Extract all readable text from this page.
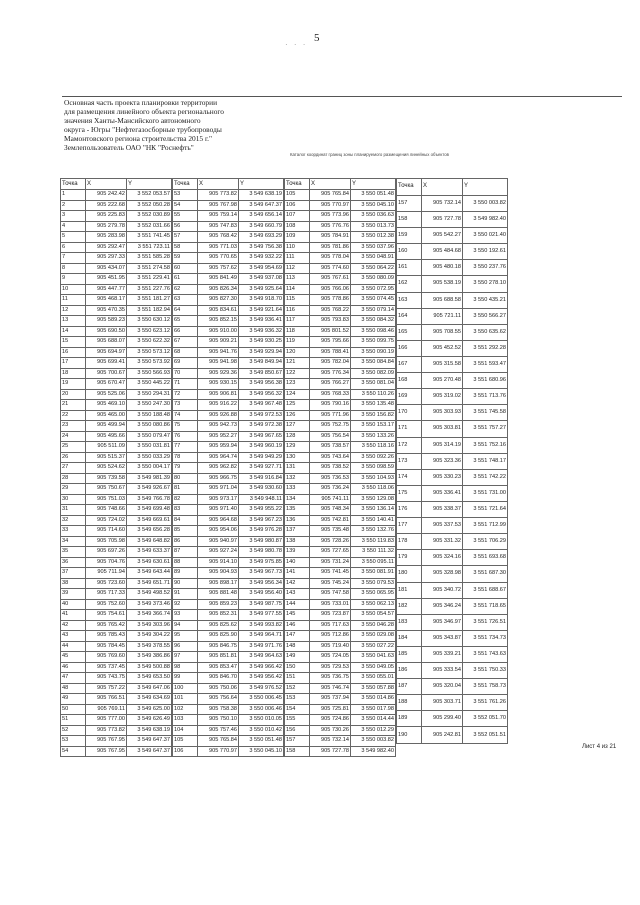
· · ·
5
Основная часть проекта планировки территории
для размещения линейного объекта регионального
значения Ханты-Мансийского автономного
округа - Югры "Нефтегазосборные трубопроводы
Мамонтовского региона строительства 2015 г."
Землепользователь ОАО "НК "Роснефть"
Каталог координат границ зоны планируемого размещения линейных объектов
Точка	X	Y
1	905 242.42	3 552 053.57
2	905 222.68	3 552 050.28
3	905 225.83	3 552 030.89
4	905 279.78	3 552 031.66
5	905 283.98	3 551 741.45
6	905 292.47	3 551 723.11
7	905 297.33	3 551 585.28
8	905 434.07	3 551 274.58
9	905 451.95	3 551 229.41
10	905 447.77	3 551 227.76
11	905 468.17	3 551 181.27
12	905 470.35	3 551 182.94
13	905 589.23	3 550 630.12
14	905 690.50	3 550 623.12
15	905 688.07	3 550 622.32
16	905 694.97	3 550 573.12
17	905 699.41	3 550 573.92
18	905 700.67	3 550 566.93
19	905 670.47	3 550 445.22
20	905 525.06	3 550 294.31
21	905 469.10	3 550 247.30
22	905 465.00	3 550 188.48
23	905 499.94	3 550 080.86
24	905 495.66	3 550 079.47
25	905 511.09	3 550 031.81
26	905 515.37	3 550 033.29
27	905 524.62	3 550 004.17
28	905 739.58	3 549 981.39
29	905 750.67	3 549 926.67
30	905 751.03	3 549 766.78
31	905 748.66	3 549 699.48
32	905 724.02	3 549 669.61
33	905 714.60	3 549 656.28
34	905 705.98	3 549 648.82
35	905 697.26	3 549 633.37
36	905 704.76	3 549 630.61
37	905 711.94	3 549 643.44
38	905 723.60	3 549 651.71
39	905 717.33	3 549 498.52
40	905 752.60	3 549 373.46
41	905 754.61	3 549 366.74
42	905 765.42	3 549 303.96
43	905 785.43	3 549 304.22
44	905 784.45	3 549 378.55
45	905 769.60	3 549 386.86
46	905 737.45	3 549 500.88
47	905 743.75	3 549 653.50
48	905 757.22	3 549 647.06
49	905 766.51	3 549 634.69
50	905 769.11	3 549 625.00
51	905 777.00	3 549 626.49
52	905 773.82	3 549 638.19
53	905 767.95	3 549 647.37
54	905 767.95	3 549 647.37
Точка	X	Y
53	905 773.82	3 549 638.19
54	905 767.98	3 549 647.37
55	905 759.14	3 549 656.14
56	905 747.83	3 549 660.79
57	905 768.42	3 549 693.29
58	905 771.03	3 549 756.38
59	905 770.65	3 549 932.22
60	905 757.62	3 549 954.69
61	905 841.49	3 549 937.08
62	905 826.34	3 549 925.64
63	905 827.30	3 549 918.70
64	905 834.61	3 549 921.64
65	905 852.15	3 549 936.41
66	905 910.00	3 549 936.32
67	905 909.21	3 549 930.25
68	905 941.76	3 549 929.94
69	905 941.98	3 549 849.94
70	905 929.36	3 549 850.67
71	905 930.15	3 549 956.38
72	905 906.81	3 549 956.32
73	905 916.22	3 549 967.48
74	905 926.88	3 549 972.53
75	905 942.73	3 549 972.38
76	905 952.27	3 549 967.65
77	905 959.94	3 549 960.19
78	905 964.74	3 549 949.29
79	905 962.82	3 549 927.71
80	905 966.75	3 549 916.84
81	905 971.04	3 549 930.60
82	905 973.17	3 549 948.11
83	905 971.40	3 549 955.22
84	905 964.68	3 549 967.23
85	905 954.06	3 549 976.28
86	905 940.97	3 549 980.87
87	905 927.24	3 549 980.78
88	905 914.10	3 549 975.85
89	905 904.93	3 549 967.73
90	905 898.17	3 549 956.34
91	905 881.48	3 549 956.40
92	905 859.23	3 549 987.75
93	905 852.31	3 549 977.55
94	905 825.62	3 549 993.82
95	905 825.90	3 549 964.71
96	905 846.75	3 549 971.76
97	905 851.81	3 549 964.63
98	905 853.47	3 549 966.42
99	905 846.70	3 549 956.42
100	905 750.06	3 549 976.52
101	905 756.64	3 550 006.45
102	905 758.38	3 550 006.46
103	905 750.10	3 550 010.05
104	905 757.46	3 550 010.42
105	905 765.84	3 550 051.48
106	905 770.97	3 550 045.10
Точка	X	Y
105	905 765.84	3 550 051.48
106	905 770.97	3 550 045.10
107	905 773.96	3 550 036.63
108	905 776.76	3 550 013.73
109	905 784.91	3 550 012.38
110	905 781.86	3 550 037.96
111	905 778.04	3 550 048.91
112	905 774.60	3 550 064.22
113	905 767.61	3 550 080.09
114	905 766.06	3 550 072.95
115	905 778.86	3 550 074.45
116	905 768.22	3 550 079.14
117	905 793.83	3 550 084.32
118	905 801.52	3 550 098.46
119	905 795.66	3 550 099.75
120	905 788.41	3 550 090.19
121	905 782.04	3 550 084.84
122	905 776.34	3 550 082.09
123	905 766.27	3 550 081.04
124	905 768.33	3 550 110.26
125	905 790.16	3 550 135.48
126	905 771.96	3 550 156.82
127	905 752.75	3 550 153.17
128	905 756.54	3 550 133.26
129	905 738.57	3 550 118.16
130	905 743.64	3 550 092.26
131	905 738.52	3 550 098.59
132	905 736.53	3 550 104.93
133	905 736.24	3 550 118.06
134	905 741.11	3 550 129.08
135	905 748.34	3 550 136.14
136	905 742.81	3 550 140.41
137	905 735.48	3 550 132.76
138	905 728.26	3 550 119.83
139	905 727.65	3 550 111.32
140	905 731.24	3 550 095.11
141	905 741.45	3 550 081.91
142	905 745.24	3 550 079.53
143	905 747.58	3 550 065.95
144	905 733.01	3 550 062.13
145	905 723.87	3 550 054.57
146	905 717.63	3 550 046.28
147	905 712.86	3 550 029.08
148	905 719.40	3 550 027.22
149	905 724.05	3 550 041.63
150	905 729.53	3 550 049.05
151	905 736.75	3 550 055.01
152	905 746.74	3 550 057.88
153	905 737.94	3 550 014.86
154	905 725.81	3 550 017.98
155	905 724.86	3 550 014.44
156	905 730.26	3 550 012.29
157	905 732.14	3 550 003.82
158	905 727.78	3 549 982.40
Точка	X	Y
157	905 732.14	3 550 003.82
158	905 727.78	3 549 982.40
159	905 542.27	3 550 021.40
160	905 484.68	3 550 192.61
161	905 480.18	3 550 237.76
162	905 538.19	3 550 278.10
163	905 688.58	3 550 435.21
164	905 721.11	3 550 566.27
165	905 708.55	3 550 635.62
166	905 452.52	3 551 292.28
167	905 315.58	3 551 593.47
168	905 270.48	3 551 680.96
169	905 319.02	3 551 713.76
170	905 303.93	3 551 745.58
171	905 303.81	3 551 757.27
172	905 314.19	3 551 752.16
173	905 323.36	3 551 748.17
174	905 330.23	3 551 742.22
175	905 336.41	3 551 731.00
176	905 338.37	3 551 721.64
177	905 337.53	3 551 712.99
178	905 331.32	3 551 706.29
179	905 324.16	3 551 693.68
180	905 328.98	3 551 687.30
181	905 340.72	3 551 688.67
182	905 346.24	3 551 718.65
183	905 346.97	3 551 726.51
184	905 343.87	3 551 734.73
185	905 339.21	3 551 743.63
186	905 333.54	3 551 750.33
187	905 320.04	3 551 758.73
188	905 303.71	3 551 761.26
189	905 299.40	3 552 051.70
190	905 242.81	3 552 051.51
Лист 4 из 21
